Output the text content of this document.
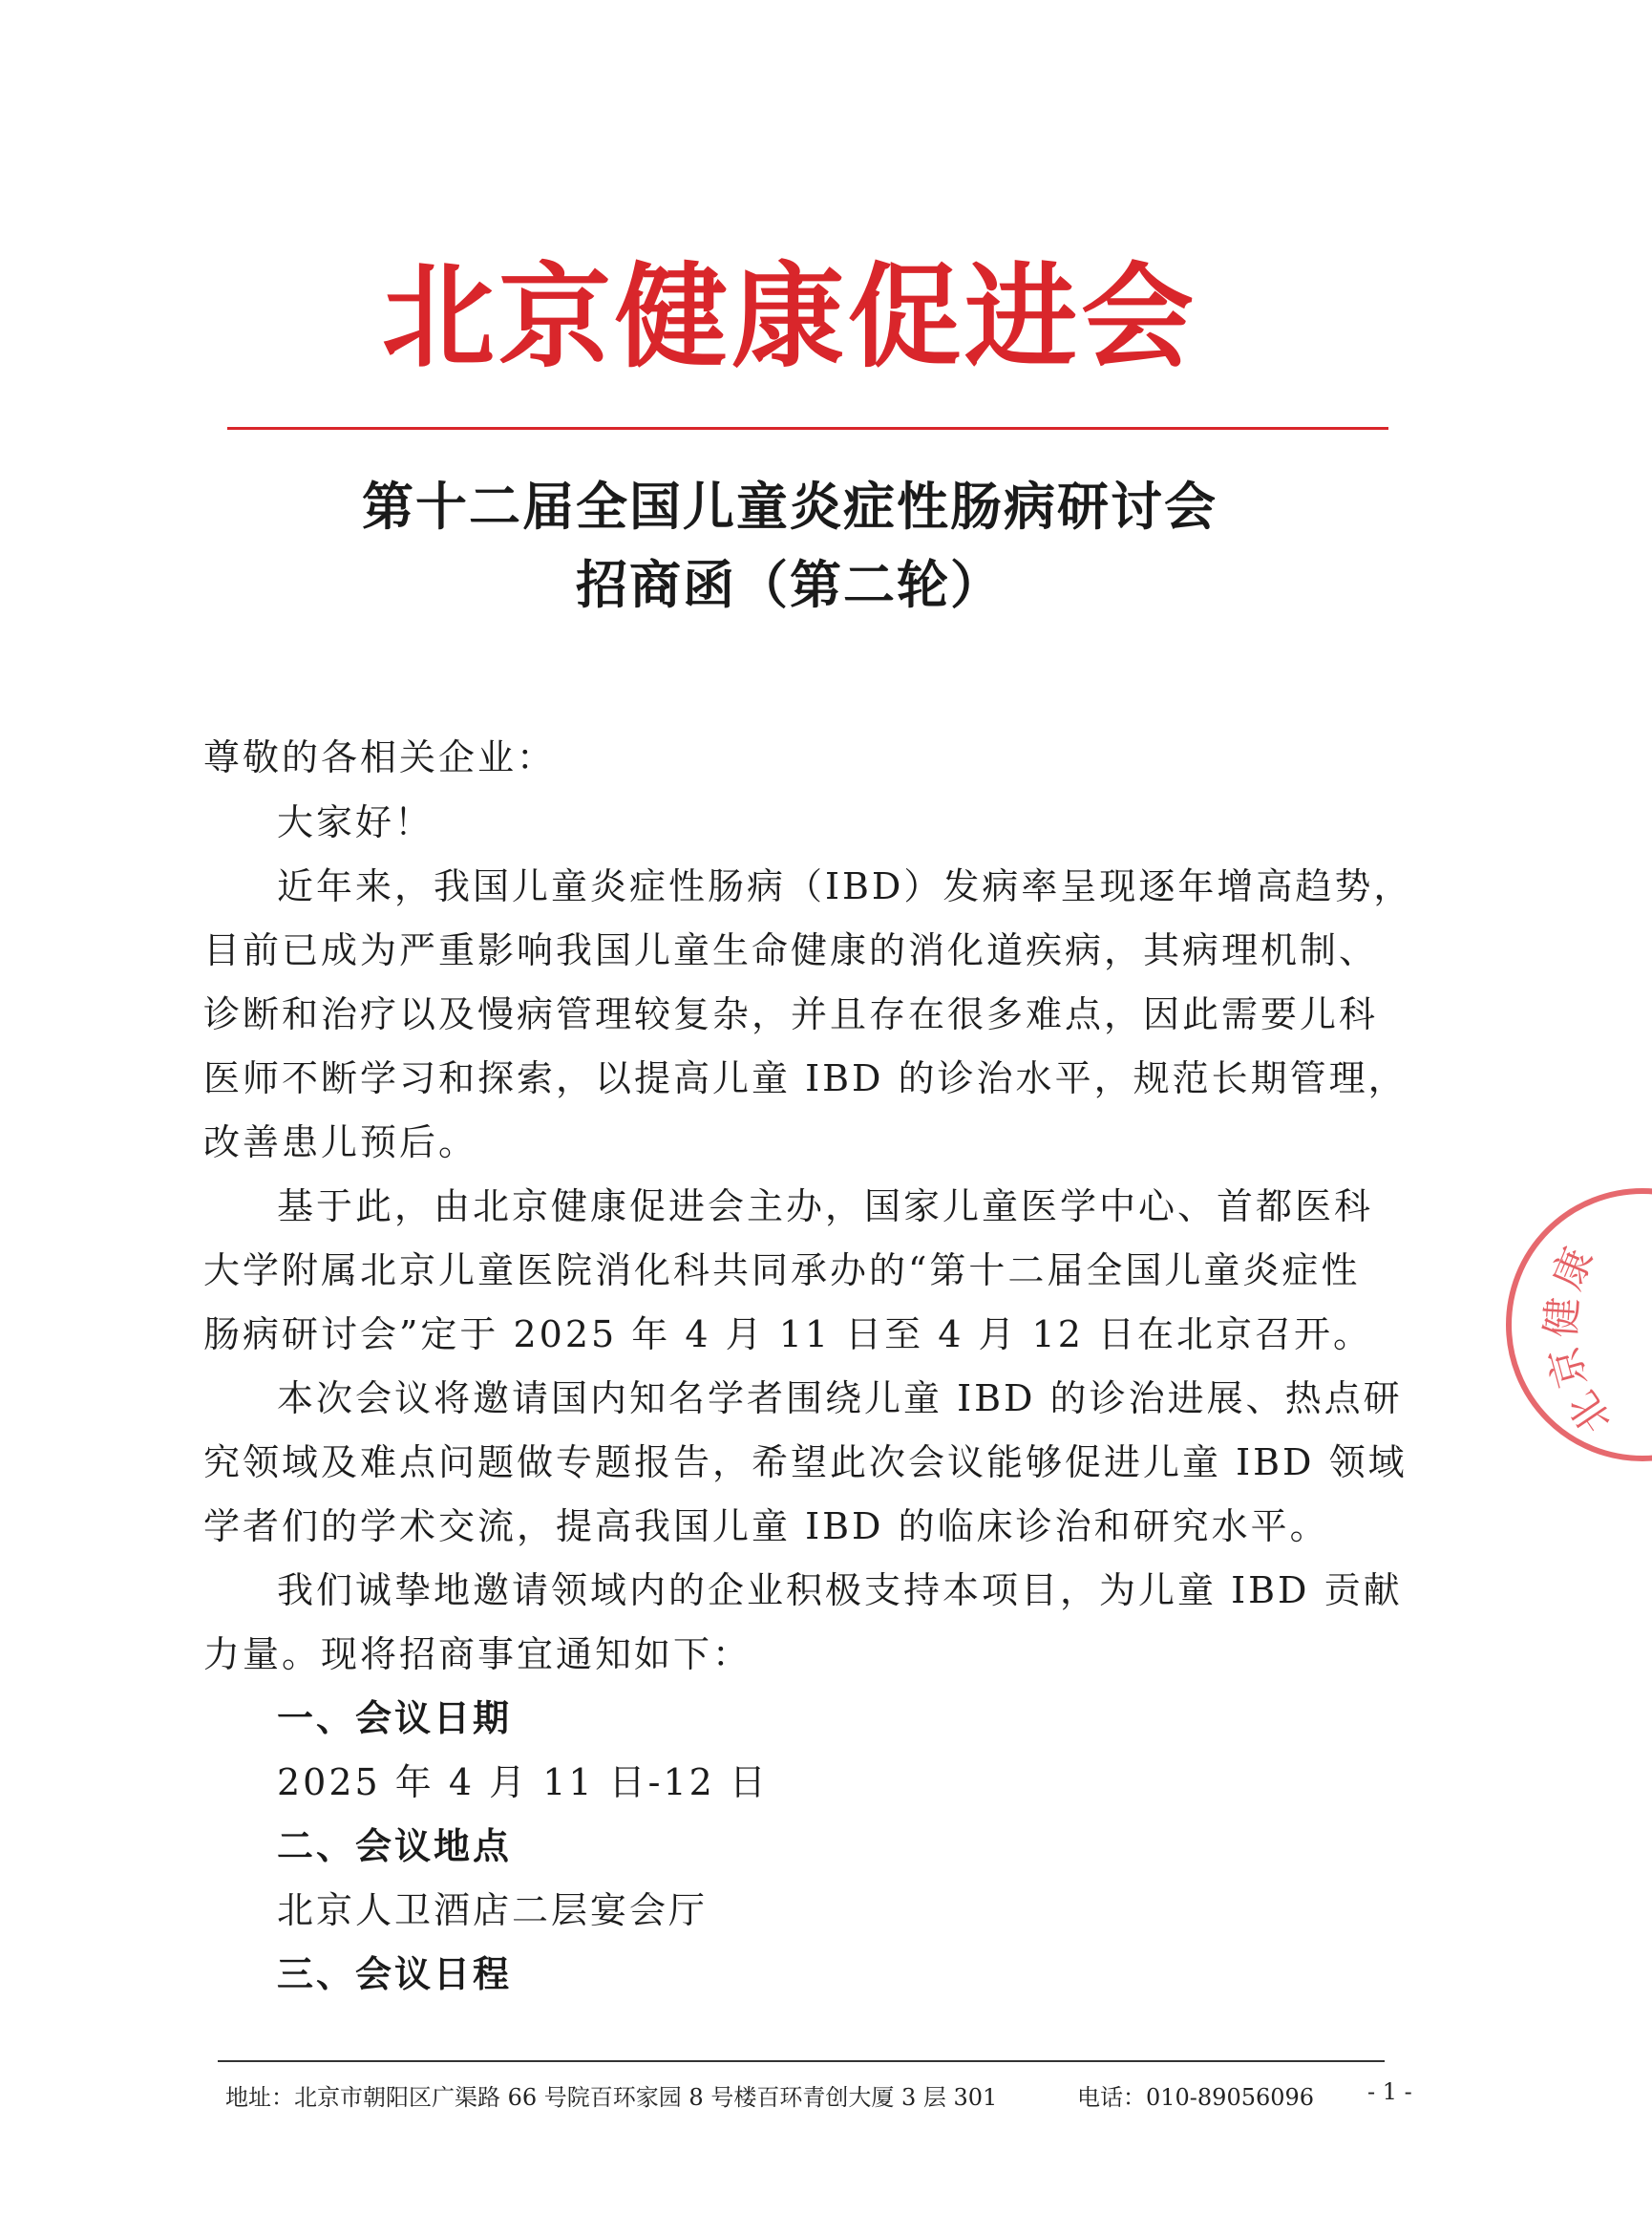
北京健康促进会
第十二届全国儿童炎症性肠病研讨会
招商函（第二轮）
尊敬的各相关企业：
大家好！
近年来，我国儿童炎症性肠病（IBD）发病率呈现逐年增高趋势，
目前已成为严重影响我国儿童生命健康的消化道疾病，其病理机制、
诊断和治疗以及慢病管理较复杂，并且存在很多难点，因此需要儿科
医师不断学习和探索，以提高儿童 IBD 的诊治水平，规范长期管理，
改善患儿预后。
基于此，由北京健康促进会主办，国家儿童医学中心、首都医科
大学附属北京儿童医院消化科共同承办的“第十二届全国儿童炎症性
肠病研讨会”定于 2025 年 4 月 11 日至 4 月 12 日在北京召开。
本次会议将邀请国内知名学者围绕儿童 IBD 的诊治进展、热点研
究领域及难点问题做专题报告，希望此次会议能够促进儿童 IBD 领域
学者们的学术交流，提高我国儿童 IBD 的临床诊治和研究水平。
我们诚挚地邀请领域内的企业积极支持本项目，为儿童 IBD 贡献
力量。现将招商事宜通知如下：
一、会议日期
2025 年 4 月 11 日-12 日
二、会议地点
北京人卫酒店二层宴会厅
三、会议日程
北京健康
地址：北京市朝阳区广渠路 66 号院百环家园 8 号楼百环青创大厦 3 层 301	电话：010-89056096 - 1 -
